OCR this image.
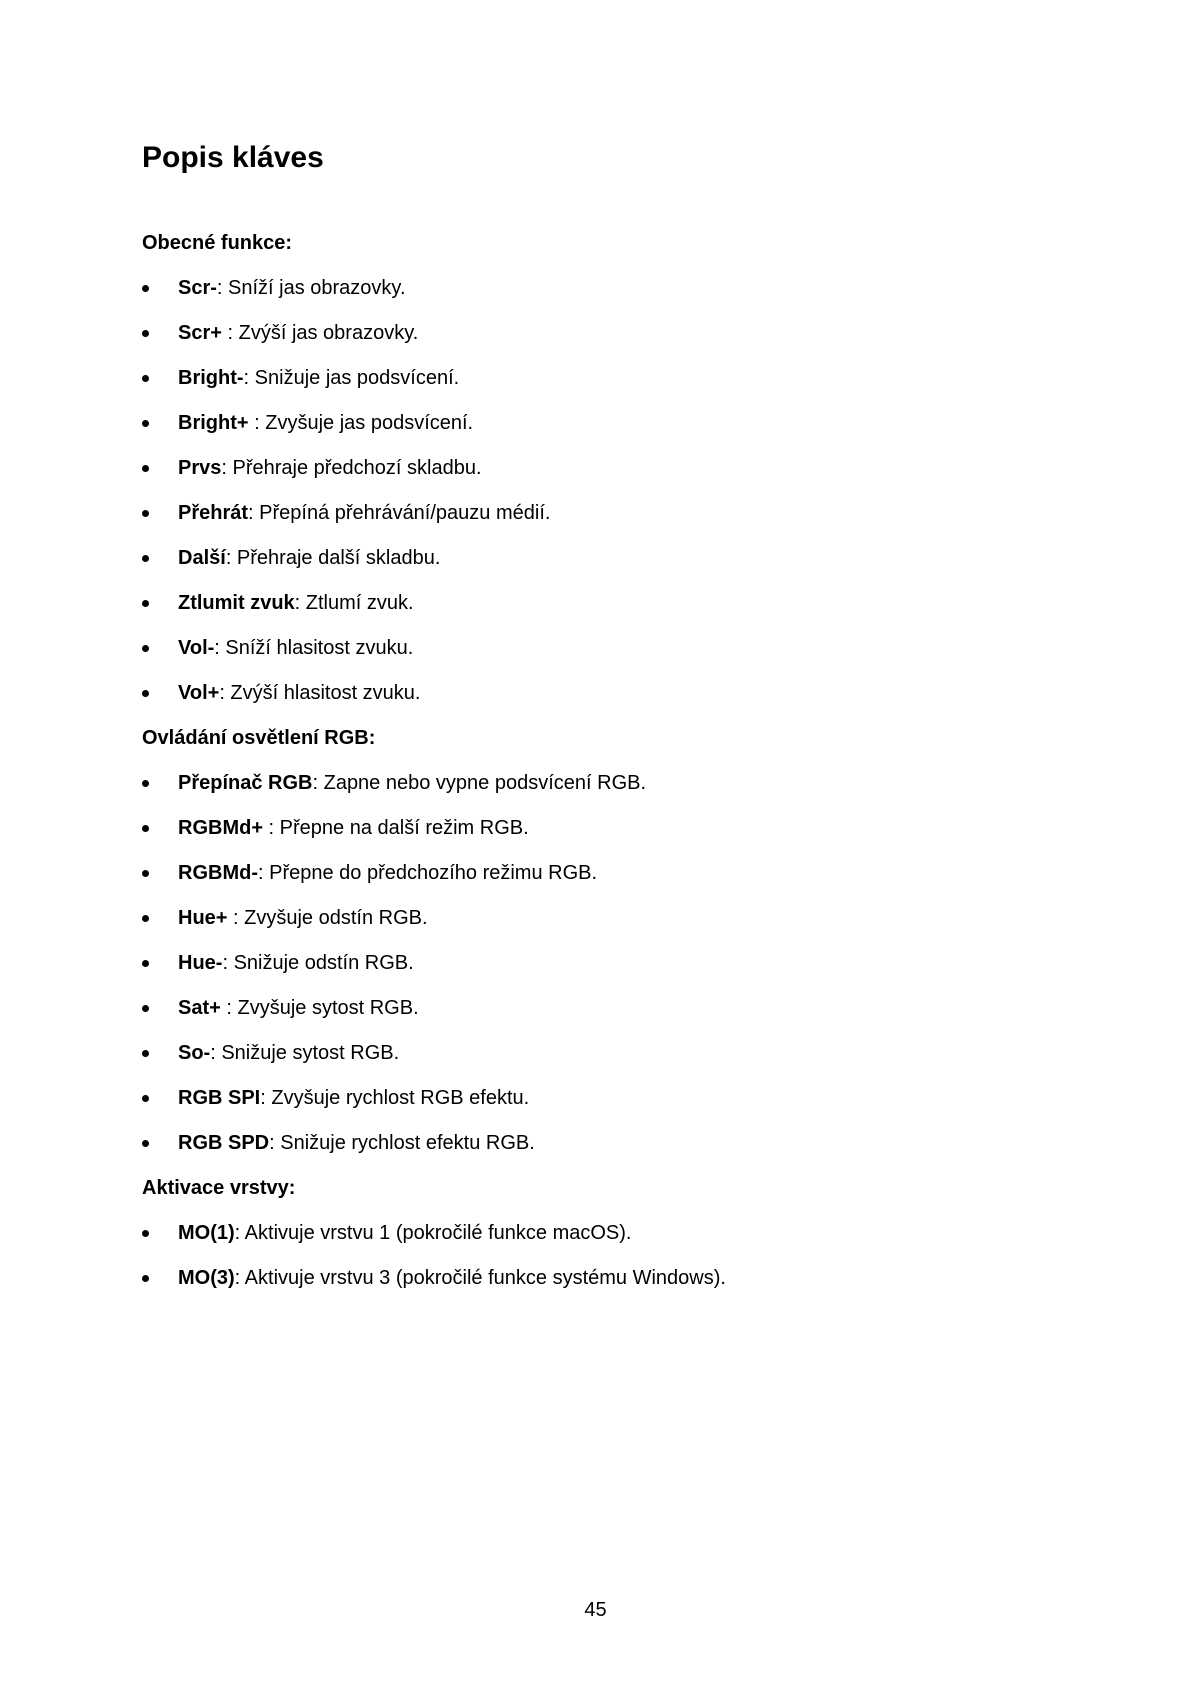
Popis kláves
Obecné funkce:
Scr-: Sníží jas obrazovky.
Scr+ : Zvýší jas obrazovky.
Bright-: Snižuje jas podsvícení.
Bright+ : Zvyšuje jas podsvícení.
Prvs: Přehraje předchozí skladbu.
Přehrát: Přepíná přehrávání/pauzu médií.
Další: Přehraje další skladbu.
Ztlumit zvuk: Ztlumí zvuk.
Vol-: Sníží hlasitost zvuku.
Vol+: Zvýší hlasitost zvuku.
Ovládání osvětlení RGB:
Přepínač RGB: Zapne nebo vypne podsvícení RGB.
RGBMd+ : Přepne na další režim RGB.
RGBMd-: Přepne do předchozího režimu RGB.
Hue+ : Zvyšuje odstín RGB.
Hue-: Snižuje odstín RGB.
Sat+ : Zvyšuje sytost RGB.
So-: Snižuje sytost RGB.
RGB SPI: Zvyšuje rychlost RGB efektu.
RGB SPD: Snižuje rychlost efektu RGB.
Aktivace vrstvy:
MO(1): Aktivuje vrstvu 1 (pokročilé funkce macOS).
MO(3): Aktivuje vrstvu 3 (pokročilé funkce systému Windows).
45
